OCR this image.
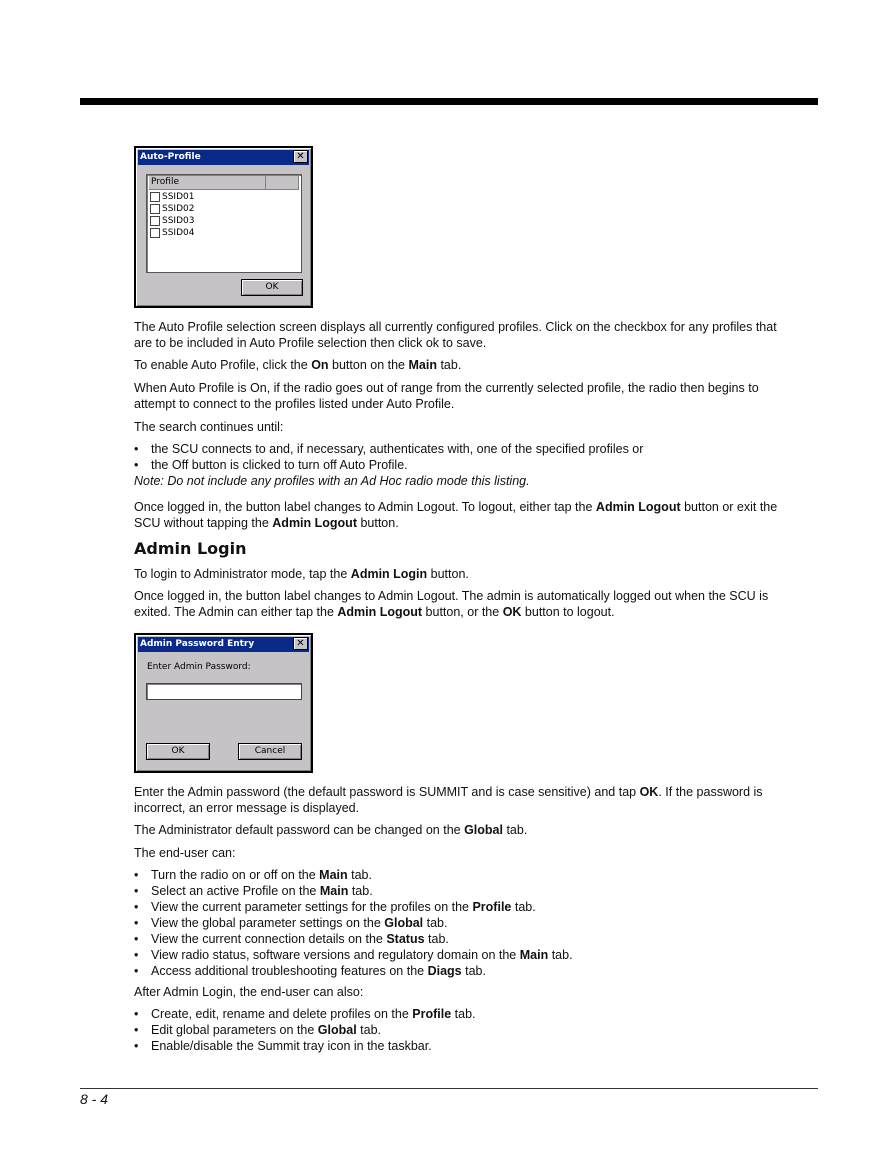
Auto-Profile	✕
Profile
SSID01
SSID02
SSID03
SSID04
OK
The Auto Profile selection screen displays all currently configured profiles. Click on the checkbox for any profiles that
are to be included in Auto Profile selection then click ok to save.
To enable Auto Profile, click the On button on the Main tab.
When Auto Profile is On, if the radio goes out of range from the currently selected profile, the radio then begins to
attempt to connect to the profiles listed under Auto Profile.
The search continues until:
• the SCU connects to and, if necessary, authenticates with, one of the specified profiles or
• the Off button is clicked to turn off Auto Profile.
Note: Do not include any profiles with an Ad Hoc radio mode this listing.
Once logged in, the button label changes to Admin Logout. To logout, either tap the Admin Logout button or exit the
SCU without tapping the Admin Logout button.
Admin Login
To login to Administrator mode, tap the Admin Login button.
Once logged in, the button label changes to Admin Logout. The admin is automatically logged out when the SCU is
exited. The Admin can either tap the Admin Logout button, or the OK button to logout.
Admin Password Entry	✕
Enter Admin Password:
OK	Cancel
Enter the Admin password (the default password is SUMMIT and is case sensitive) and tap OK. If the password is
incorrect, an error message is displayed.
The Administrator default password can be changed on the Global tab.
The end-user can:
• Turn the radio on or off on the Main tab.
• Select an active Profile on the Main tab.
• View the current parameter settings for the profiles on the Profile tab.
• View the global parameter settings on the Global tab.
• View the current connection details on the Status tab.
• View radio status, software versions and regulatory domain on the Main tab.
• Access additional troubleshooting features on the Diags tab.
After Admin Login, the end-user can also:
• Create, edit, rename and delete profiles on the Profile tab.
• Edit global parameters on the Global tab.
• Enable/disable the Summit tray icon in the taskbar.
8 - 4
